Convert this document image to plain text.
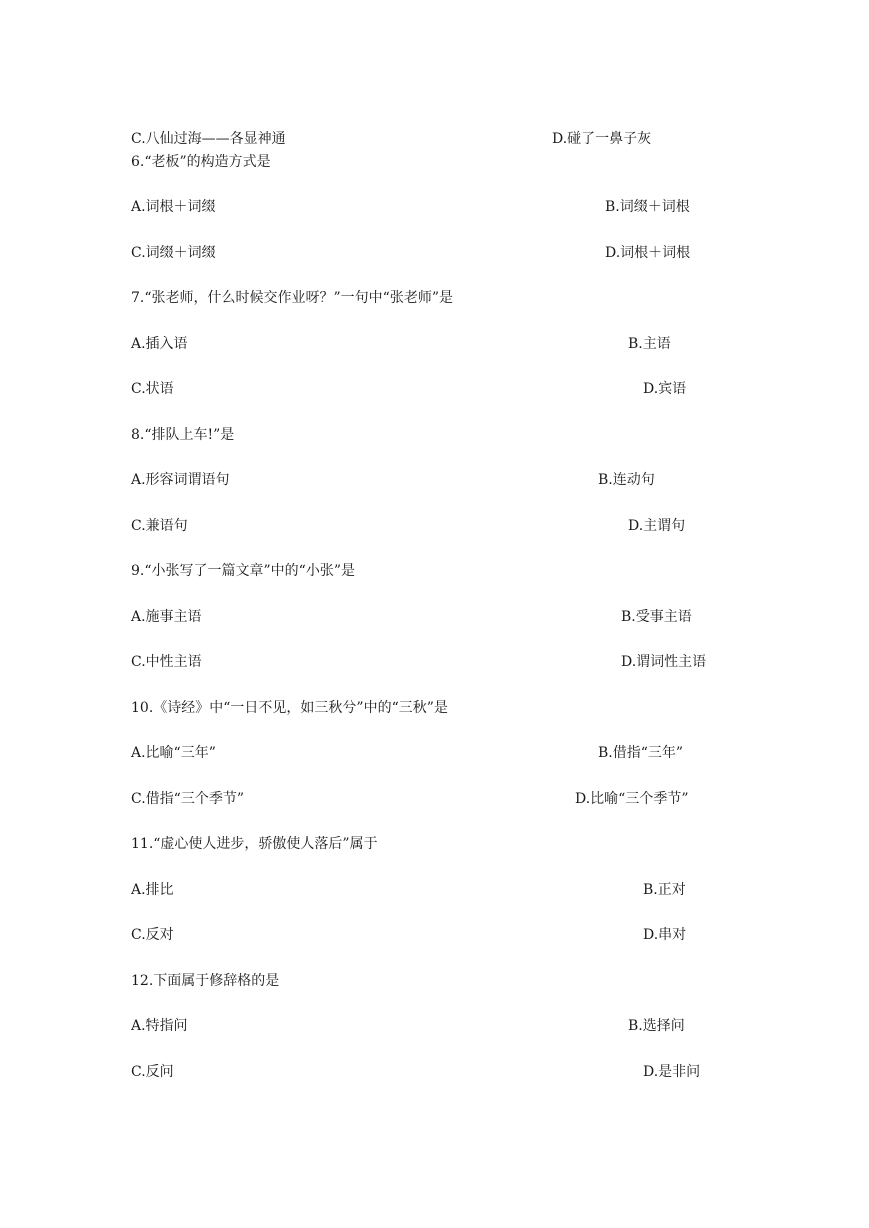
C.八仙过海——各显神通	D.碰了一鼻子灰
6.“老板”的构造方式是
A.词根＋词缀	B.词缀＋词根
C.词缀＋词缀	D.词根＋词根
7.“张老师，什么时候交作业呀？”一句中“张老师”是
A.插入语	B.主语
C.状语	D.宾语
8.“排队上车!”是
A.形容词谓语句	B.连动句
C.兼语句	D.主谓句
9.“小张写了一篇文章”中的“小张”是
A.施事主语	B.受事主语
C.中性主语	D.谓词性主语
10.《诗经》中“一日不见，如三秋兮”中的“三秋”是
A.比喻“三年”	B.借指“三年”
C.借指“三个季节”	D.比喻“三个季节”
11.“虚心使人进步，骄傲使人落后”属于
A.排比	B.正对
C.反对	D.串对
12.下面属于修辞格的是
A.特指问	B.选择问
C.反问	D.是非问
